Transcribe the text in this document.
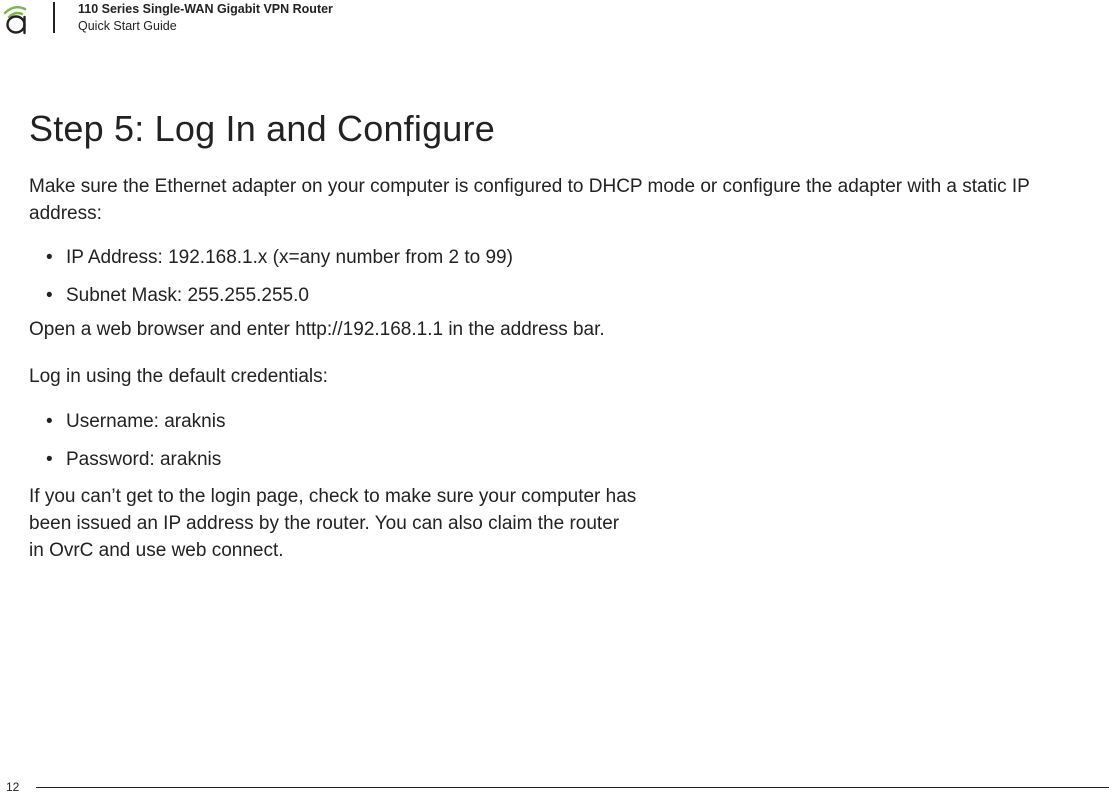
110 Series Single-WAN Gigabit VPN Router
Quick Start Guide
Step 5: Log In and Configure

Make sure the Ethernet adapter on your computer is configured to DHCP mode or configure the adapter with a static IP address:

• IP Address: 192.168.1.x (x=any number from 2 to 99)
• Subnet Mask: 255.255.255.0

Open a web browser and enter http://192.168.1.1 in the address bar.

Log in using the default credentials:

• Username: araknis
• Password: araknis

If you can’t get to the login page, check to make sure your computer has been issued an IP address by the router. You can also claim the router in OvrC and use web connect.

12
